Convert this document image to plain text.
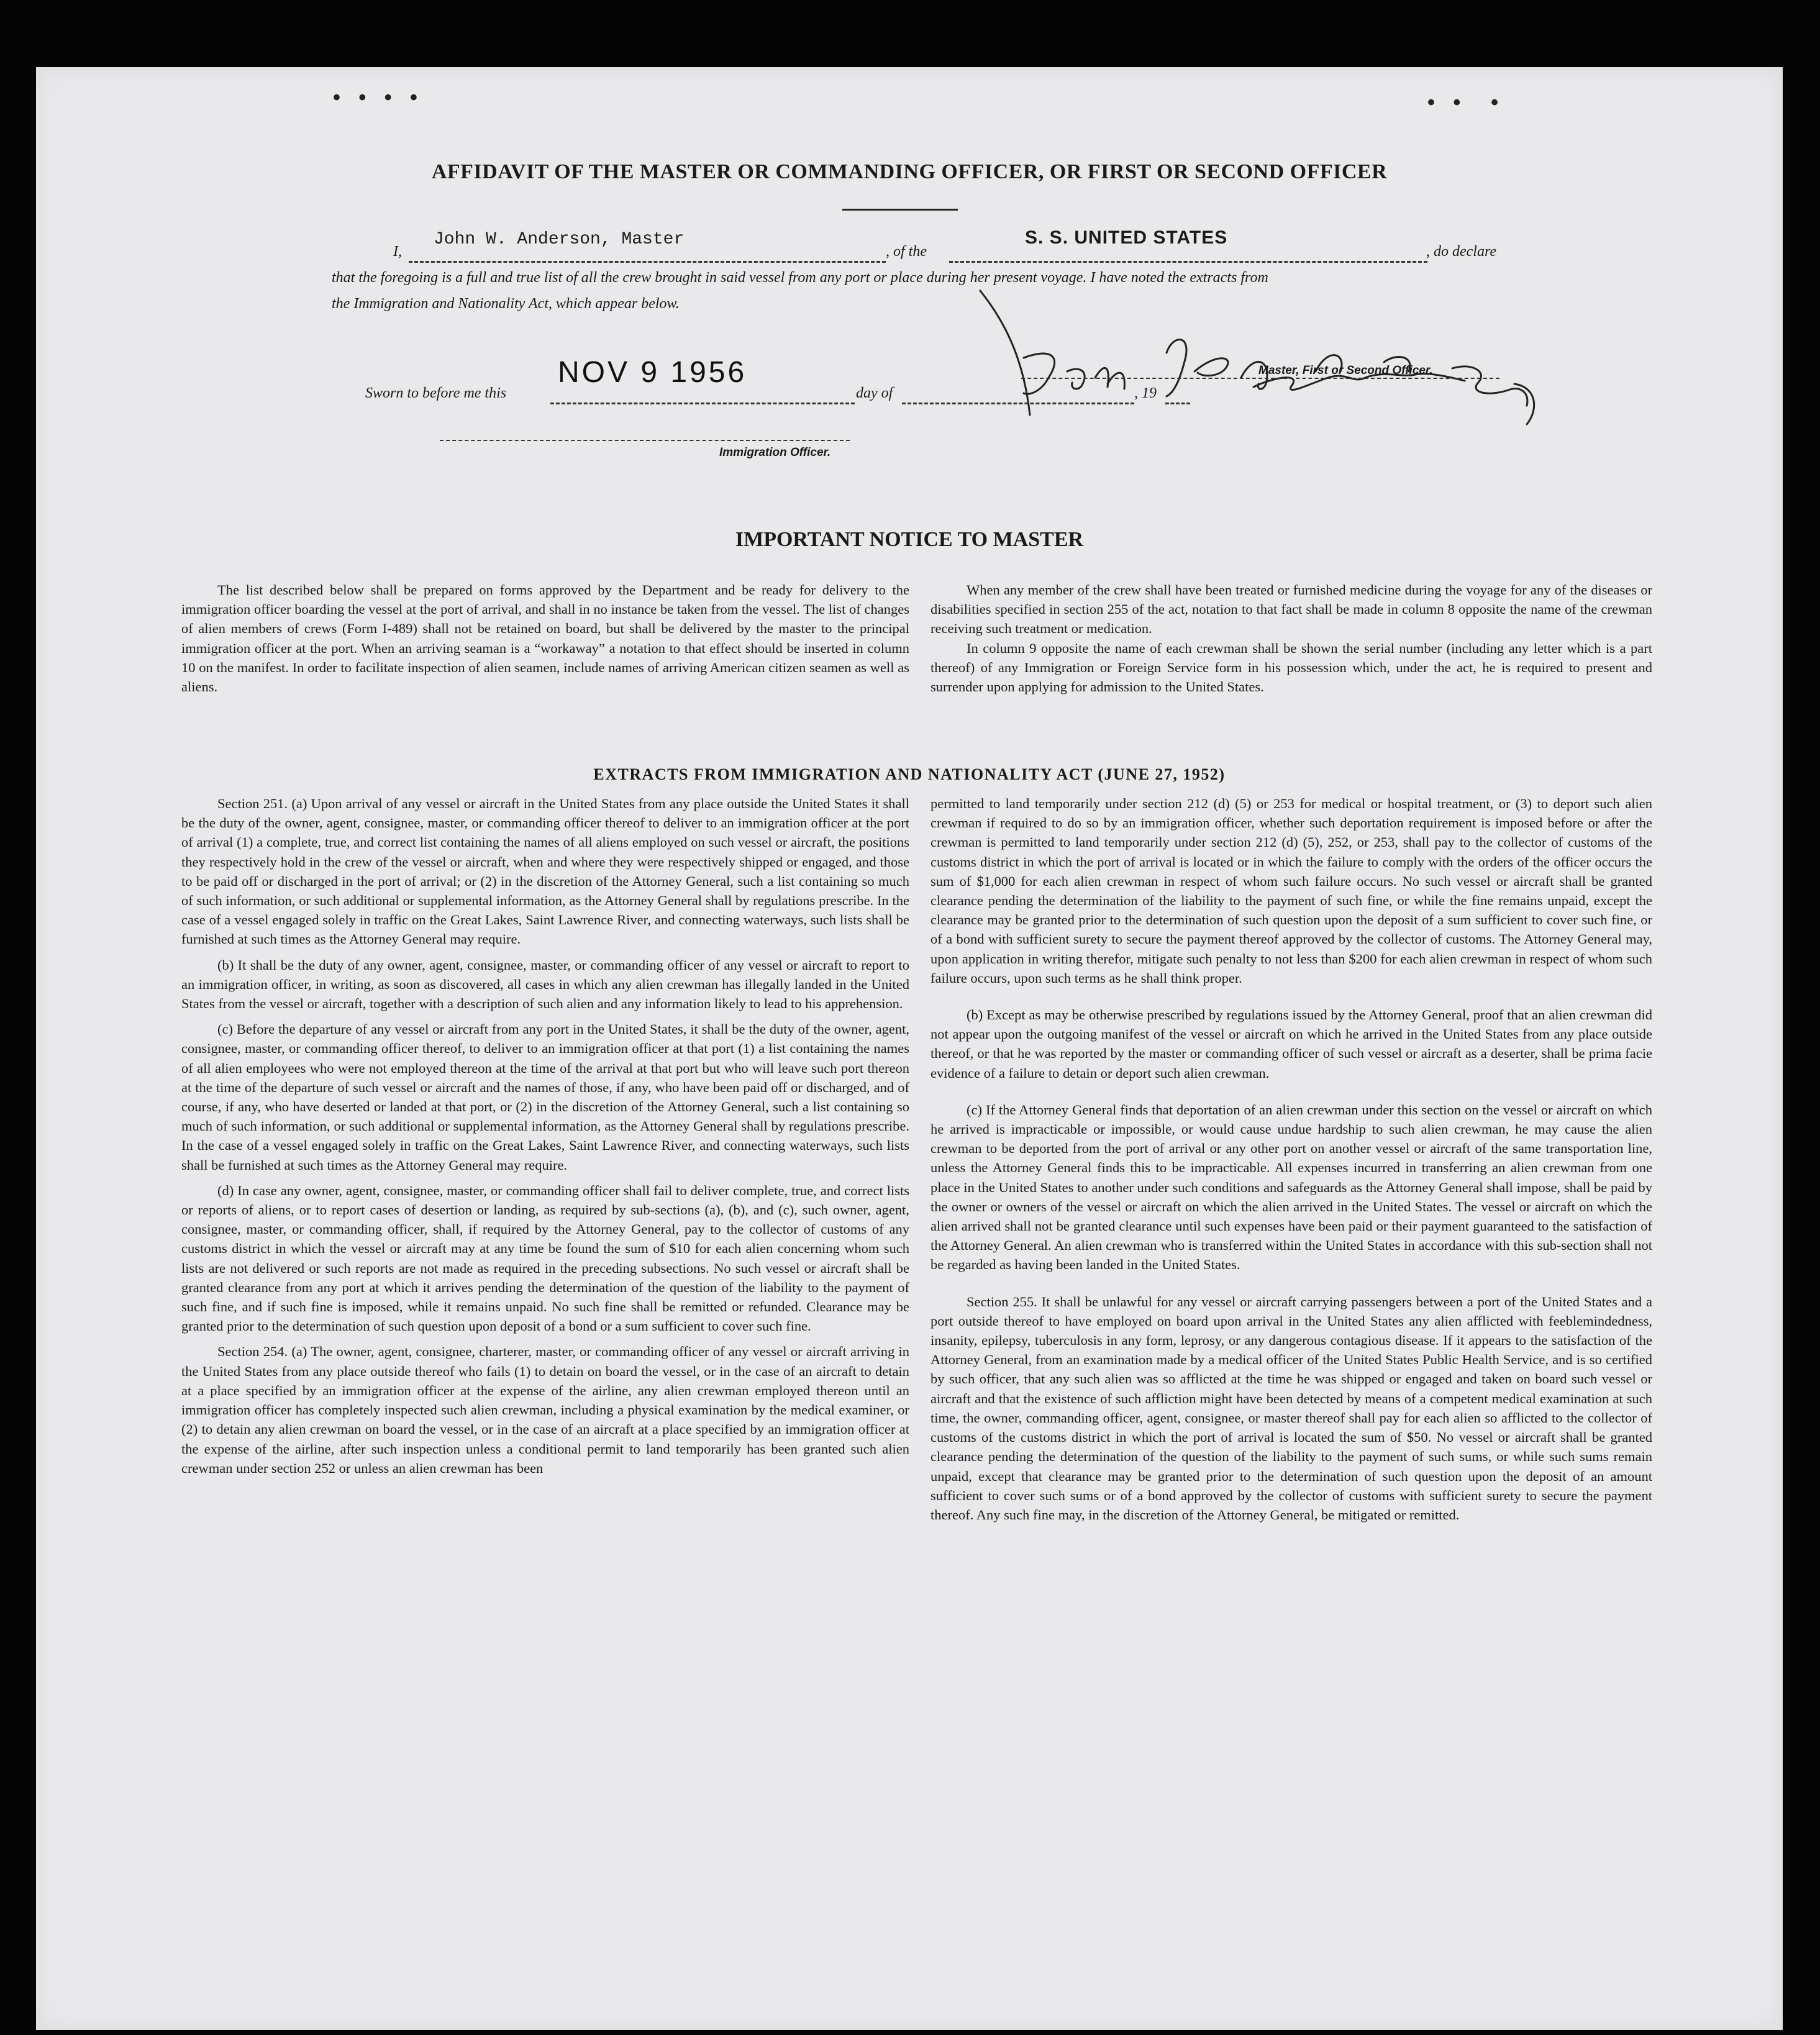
• • • •	• •  •
AFFIDAVIT OF THE MASTER OR COMMANDING OFFICER, OR FIRST OR SECOND OFFICER
I,
John W. Anderson, Master
, of the
S. S. UNITED STATES
, do declare
that the foregoing is a full and true list of all the crew brought in said vessel from any port or place during her present voyage. I have noted the extracts from
the Immigration and Nationality Act, which appear below.
NOV 9 1956	Master, First or Second Officer.
Sworn to before me this	day of	, 19
Immigration Officer.
IMPORTANT NOTICE TO MASTER

The list described below shall be prepared on forms approved by the Department and be ready for delivery to the immigration officer boarding the vessel at the port of arrival, and shall in no instance be taken from the vessel. The list of changes of alien members of crews (Form I-489) shall not be retained on board, but shall be delivered by the master to the principal immigration officer at the port. When an arriving seaman is a “workaway” a notation to that effect should be inserted in column 10 on the manifest. In order to facilitate inspection of alien seamen, include names of arriving American citizen seamen as well as aliens.

When any member of the crew shall have been treated or furnished medicine during the voyage for any of the diseases or disabilities specified in section 255 of the act, notation to that fact shall be made in column 8 opposite the name of the crewman receiving such treatment or medication.

In column 9 opposite the name of each crewman shall be shown the serial number (including any letter which is a part thereof) of any Immigration or Foreign Service form in his possession which, under the act, he is required to present and surrender upon applying for admission to the United States.

EXTRACTS FROM IMMIGRATION AND NATIONALITY ACT (JUNE 27, 1952)

Section 251. (a) Upon arrival of any vessel or aircraft in the United States from any place outside the United States it shall be the duty of the owner, agent, consignee, master, or commanding officer thereof to deliver to an immigration officer at the port of arrival (1) a complete, true, and correct list containing the names of all aliens employed on such vessel or aircraft, the positions they respectively hold in the crew of the vessel or aircraft, when and where they were respectively shipped or engaged, and those to be paid off or discharged in the port of arrival; or (2) in the discretion of the Attorney General, such a list containing so much of such information, or such additional or supplemental information, as the Attorney General shall by regulations prescribe. In the case of a vessel engaged solely in traffic on the Great Lakes, Saint Lawrence River, and connecting waterways, such lists shall be furnished at such times as the Attorney General may require.

(b) It shall be the duty of any owner, agent, consignee, master, or commanding officer of any vessel or aircraft to report to an immigration officer, in writing, as soon as discovered, all cases in which any alien crewman has illegally landed in the United States from the vessel or aircraft, together with a description of such alien and any information likely to lead to his apprehension.

(c) Before the departure of any vessel or aircraft from any port in the United States, it shall be the duty of the owner, agent, consignee, master, or commanding officer thereof, to deliver to an immigration officer at that port (1) a list containing the names of all alien employees who were not employed thereon at the time of the arrival at that port but who will leave such port thereon at the time of the departure of such vessel or aircraft and the names of those, if any, who have been paid off or discharged, and of course, if any, who have deserted or landed at that port, or (2) in the discretion of the Attorney General, such a list containing so much of such information, or such additional or supplemental information, as the Attorney General shall by regulations prescribe. In the case of a vessel engaged solely in traffic on the Great Lakes, Saint Lawrence River, and connecting waterways, such lists shall be furnished at such times as the Attorney General may require.

(d) In case any owner, agent, consignee, master, or commanding officer shall fail to deliver complete, true, and correct lists or reports of aliens, or to report cases of desertion or landing, as required by sub-sections (a), (b), and (c), such owner, agent, consignee, master, or commanding officer, shall, if required by the Attorney General, pay to the collector of customs of any customs district in which the vessel or aircraft may at any time be found the sum of $10 for each alien concerning whom such lists are not delivered or such reports are not made as required in the preceding subsections. No such vessel or aircraft shall be granted clearance from any port at which it arrives pending the determination of the question of the liability to the payment of such fine, and if such fine is imposed, while it remains unpaid. No such fine shall be remitted or refunded. Clearance may be granted prior to the determination of such question upon deposit of a bond or a sum sufficient to cover such fine.

Section 254. (a) The owner, agent, consignee, charterer, master, or commanding officer of any vessel or aircraft arriving in the United States from any place outside thereof who fails (1) to detain on board the vessel, or in the case of an aircraft to detain at a place specified by an immigration officer at the expense of the airline, any alien crewman employed thereon until an immigration officer has completely inspected such alien crewman, including a physical examination by the medical examiner, or (2) to detain any alien crewman on board the vessel, or in the case of an aircraft at a place specified by an immigration officer at the expense of the airline, after such inspection unless a conditional permit to land temporarily has been granted such alien crewman under section 252 or unless an alien crewman has been

permitted to land temporarily under section 212 (d) (5) or 253 for medical or hospital treatment, or (3) to deport such alien crewman if required to do so by an immigration officer, whether such deportation requirement is imposed before or after the crewman is permitted to land temporarily under section 212 (d) (5), 252, or 253, shall pay to the collector of customs of the customs district in which the port of arrival is located or in which the failure to comply with the orders of the officer occurs the sum of $1,000 for each alien crewman in respect of whom such failure occurs. No such vessel or aircraft shall be granted clearance pending the determination of the liability to the payment of such fine, or while the fine remains unpaid, except the clearance may be granted prior to the determination of such question upon the deposit of a sum sufficient to cover such fine, or of a bond with sufficient surety to secure the payment thereof approved by the collector of customs. The Attorney General may, upon application in writing therefor, mitigate such penalty to not less than $200 for each alien crewman in respect of whom such failure occurs, upon such terms as he shall think proper.

(b) Except as may be otherwise prescribed by regulations issued by the Attorney General, proof that an alien crewman did not appear upon the outgoing manifest of the vessel or aircraft on which he arrived in the United States from any place outside thereof, or that he was reported by the master or commanding officer of such vessel or aircraft as a deserter, shall be prima facie evidence of a failure to detain or deport such alien crewman.

(c) If the Attorney General finds that deportation of an alien crewman under this section on the vessel or aircraft on which he arrived is impracticable or impossible, or would cause undue hardship to such alien crewman, he may cause the alien crewman to be deported from the port of arrival or any other port on another vessel or aircraft of the same transportation line, unless the Attorney General finds this to be impracticable. All expenses incurred in transferring an alien crewman from one place in the United States to another under such conditions and safeguards as the Attorney General shall impose, shall be paid by the owner or owners of the vessel or aircraft on which the alien arrived in the United States. The vessel or aircraft on which the alien arrived shall not be granted clearance until such expenses have been paid or their payment guaranteed to the satisfaction of the Attorney General. An alien crewman who is transferred within the United States in accordance with this sub-section shall not be regarded as having been landed in the United States.

Section 255. It shall be unlawful for any vessel or aircraft carrying passengers between a port of the United States and a port outside thereof to have employed on board upon arrival in the United States any alien afflicted with feeblemindedness, insanity, epilepsy, tuberculosis in any form, leprosy, or any dangerous contagious disease. If it appears to the satisfaction of the Attorney General, from an examination made by a medical officer of the United States Public Health Service, and is so certified by such officer, that any such alien was so afflicted at the time he was shipped or engaged and taken on board such vessel or aircraft and that the existence of such affliction might have been detected by means of a competent medical examination at such time, the owner, commanding officer, agent, consignee, or master thereof shall pay for each alien so afflicted to the collector of customs of the customs district in which the port of arrival is located the sum of $50. No vessel or aircraft shall be granted clearance pending the determination of the question of the liability to the payment of such sums, or while such sums remain unpaid, except that clearance may be granted prior to the determination of such question upon the deposit of an amount sufficient to cover such sums or of a bond approved by the collector of customs with sufficient surety to secure the payment thereof. Any such fine may, in the discretion of the Attorney General, be mitigated or remitted.
